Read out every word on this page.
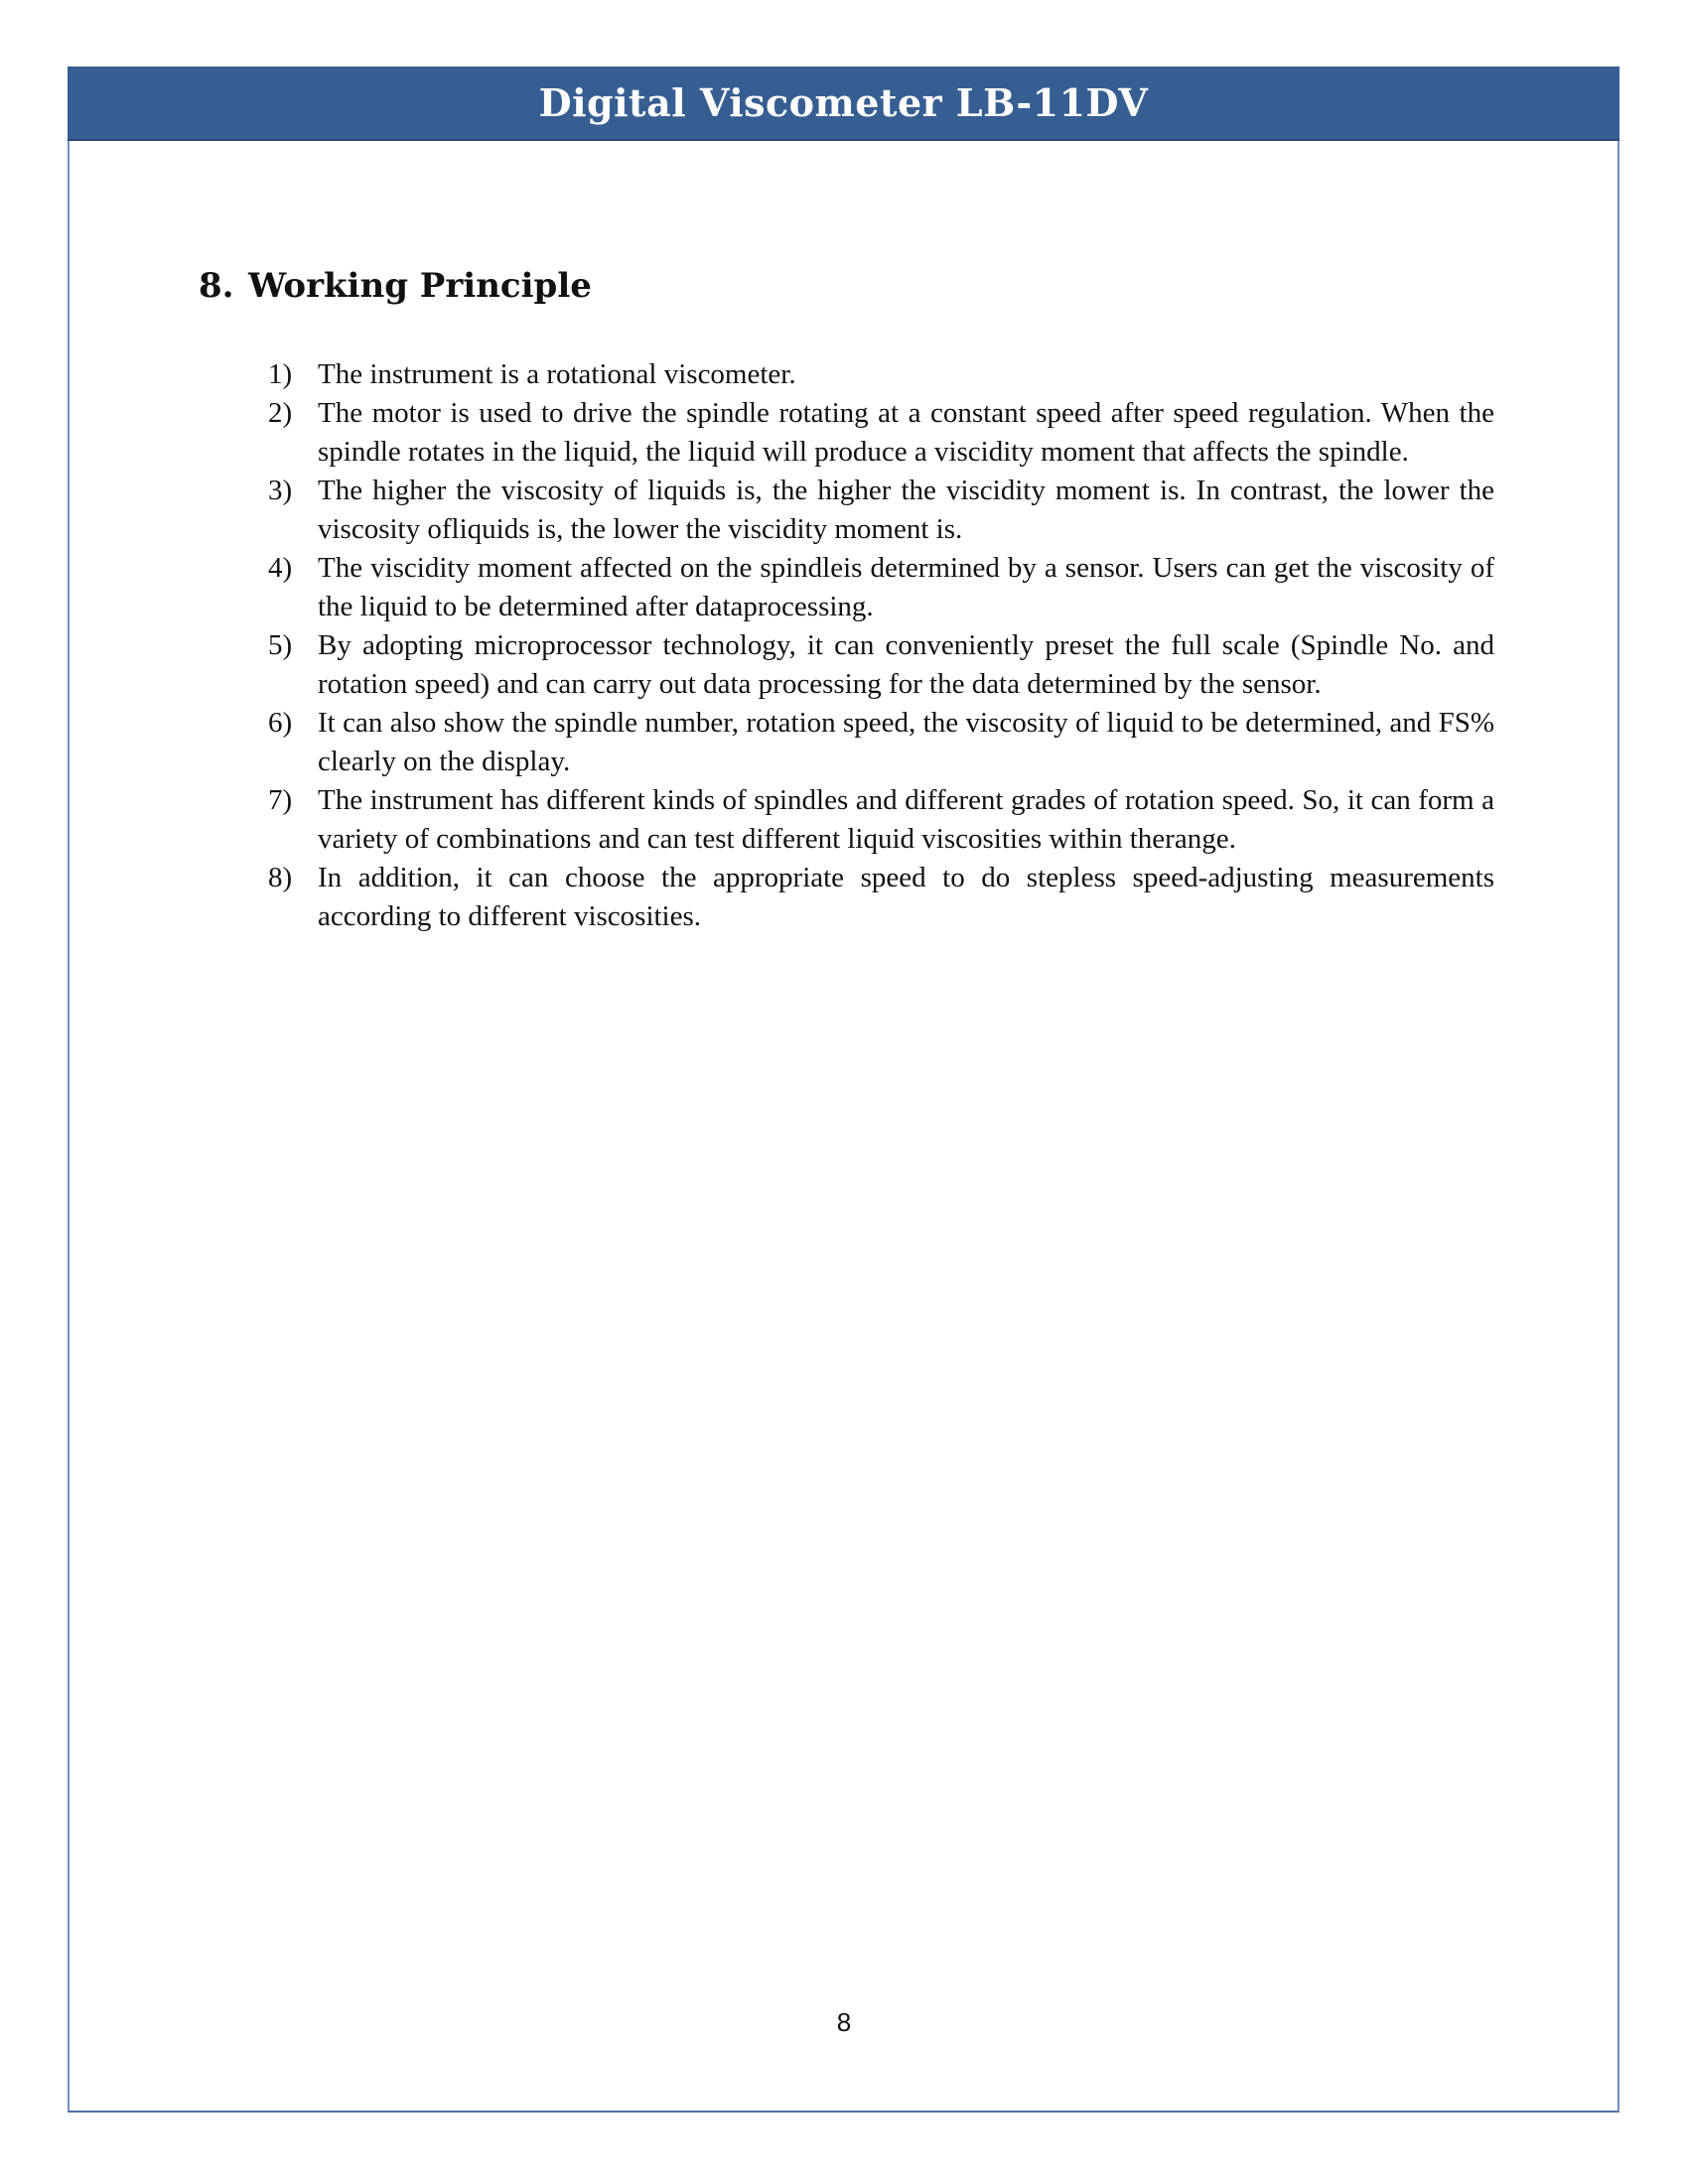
Digital Viscometer LB-11DV
8. Working Principle
1) The instrument is a rotational viscometer.
2) The motor is used to drive the spindle rotating at a constant speed after speed regulation. When the spindle rotates in the liquid, the liquid will produce a viscidity moment that affects the spindle.
3) The higher the viscosity of liquids is, the higher the viscidity moment is. In contrast, the lower the viscosity ofliquids is, the lower the viscidity moment is.
4) The viscidity moment affected on the spindleis determined by a sensor. Users can get the viscosity of the liquid to be determined after dataprocessing.
5) By adopting microprocessor technology, it can conveniently preset the full scale (Spindle No. and rotation speed) and can carry out data processing for the data determined by the sensor.
6) It can also show the spindle number, rotation speed, the viscosity of liquid to be determined, and FS% clearly on the display.
7) The instrument has different kinds of spindles and different grades of rotation speed. So, it can form a variety of combinations and can test different liquid viscosities within therange.
8) In addition, it can choose the appropriate speed to do stepless speed-adjusting measurements according to different viscosities.
8
